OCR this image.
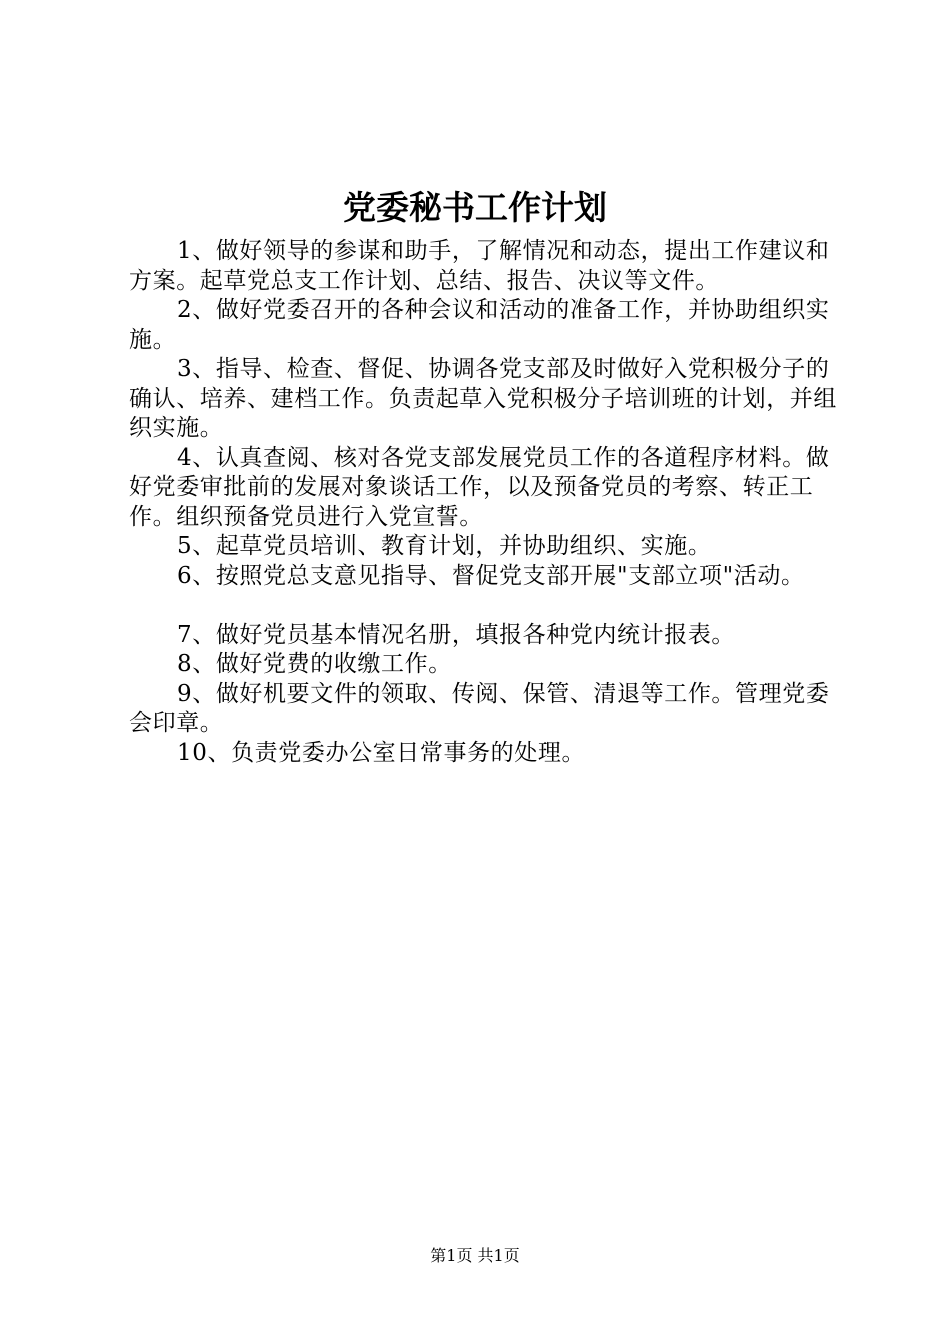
党委秘书工作计划

1、做好领导的参谋和助手，了解情况和动态，提出工作建议和方案。起草党总支工作计划、总结、报告、决议等文件。

2、做好党委召开的各种会议和活动的准备工作，并协助组织实施。

3、指导、检查、督促、协调各党支部及时做好入党积极分子的确认、培养、建档工作。负责起草入党积极分子培训班的计划，并组织实施。

4、认真查阅、核对各党支部发展党员工作的各道程序材料。做好党委审批前的发展对象谈话工作，以及预备党员的考察、转正工作。组织预备党员进行入党宣誓。

5、起草党员培训、教育计划，并协助组织、实施。

6、按照党总支意见指导、督促党支部开展"支部立项"活动。

7、做好党员基本情况名册，填报各种党内统计报表。

8、做好党费的收缴工作。

9、做好机要文件的领取、传阅、保管、清退等工作。管理党委会印章。

10、负责党委办公室日常事务的处理。

第1页 共1页
